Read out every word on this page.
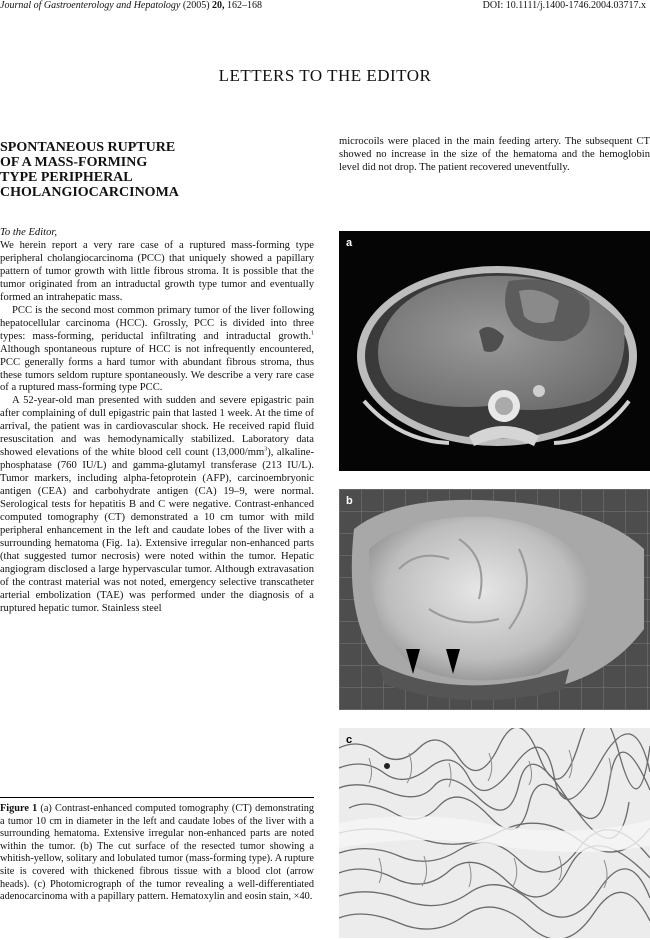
Journal of Gastroenterology and Hepatology (2005) 20, 162–168	DOI: 10.1111/j.1400-1746.2004.03717.x
LETTERS TO THE EDITOR
SPONTANEOUS RUPTURE
OF A MASS-FORMING
TYPE PERIPHERAL
CHOLANGIOCARCINOMA
To the Editor,

We herein report a very rare case of a ruptured mass-forming type peripheral cholangiocarcinoma (PCC) that uniquely showed a papillary pattern of tumor growth with little fibrous stroma. It is possible that the tumor originated from an intraductal growth type tumor and eventually formed an intrahepatic mass.

PCC is the second most common primary tumor of the liver following hepatocellular carcinoma (HCC). Grossly, PCC is divided into three types: mass-forming, periductal infiltrating and intraductal growth.$^1$ Although spontaneous rupture of HCC is not infrequently encountered, PCC generally forms a hard tumor with abundant fibrous stroma, thus these tumors seldom rupture spontaneously. We describe a very rare case of a ruptured mass-forming type PCC.

A 52-year-old man presented with sudden and severe epigastric pain after complaining of dull epigastric pain that lasted 1 week. At the time of arrival, the patient was in cardiovascular shock. He received rapid fluid resuscitation and was hemodynamically stabilized. Laboratory data showed elevations of the white blood cell count $(13,000/mm^3)$, alkaline-phosphatase (760 IU/L) and gamma-glutamyl transferase (213 IU/L). Tumor markers, including alpha-fetoprotein (AFP), carcinoembryonic antigen (CEA) and carbohydrate antigen (CA) 19–9, were normal. Serological tests for hepatitis B and C were negative. Contrast-enhanced computed tomography (CT) demonstrated a 10 cm tumor with mild peripheral enhancement in the left and caudate lobes of the liver with a surrounding hematoma (Fig. 1a). Extensive irregular non-enhanced parts (that suggested tumor necrosis) were noted within the tumor. Hepatic angiogram disclosed a large hypervascular tumor. Although extravasation of the contrast material was not noted, emergency selective transcatheter arterial embolization (TAE) was performed under the diagnosis of a ruptured hepatic tumor. Stainless steel

microcoils were placed in the main feeding artery. The subsequent CT showed no increase in the size of the hematoma and the hemoglobin level did not drop. The patient recovered uneventfully.

Figure 1 (a) Contrast-enhanced computed tomography (CT) demonstrating a tumor 10 cm in diameter in the left and caudate lobes of the liver with a surrounding hematoma. Extensive irregular non-enhanced parts are noted within the tumor. (b) The cut surface of the resected tumor showing a whitish-yellow, solitary and lobulated tumor (mass-forming type). A rupture site is covered with thickened fibrous tissue with a blood clot (arrow heads). (c) Photomicrograph of the tumor revealing a well-differentiated adenocarcinoma with a papillary pattern. Hematoxylin and eosin stain, ×40.
a
b
c
